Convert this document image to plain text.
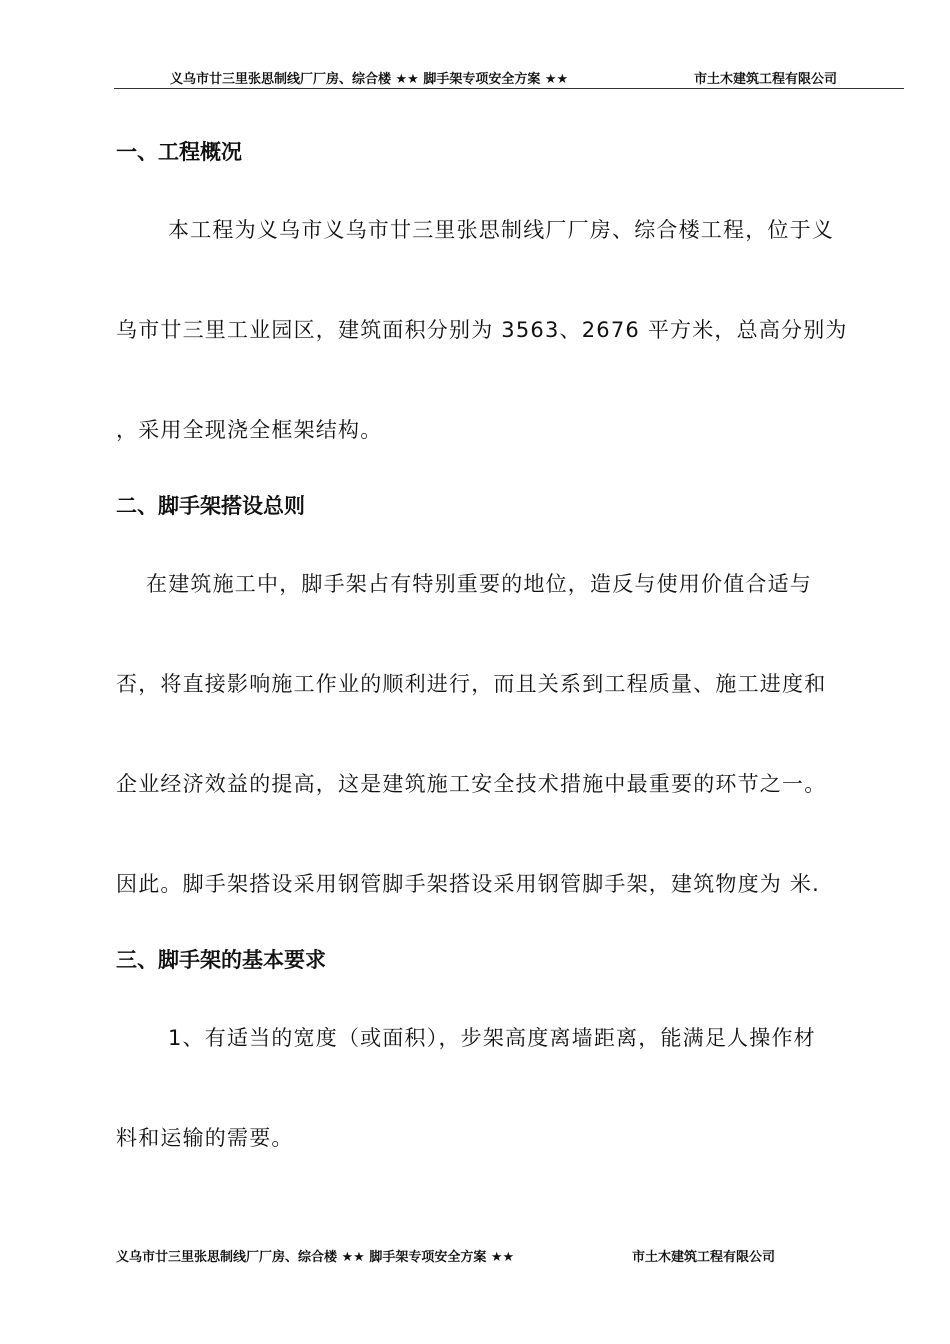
义乌市廿三里张思制线厂厂房、综合楼 ★★ 脚手架专项安全方案 ★★	市土木建筑工程有限公司
一、工程概况
本工程为义乌市义乌市廿三里张思制线厂厂房、综合楼工程，位于义
乌市廿三里工业园区，建筑面积分别为 3563、2676 平方米，总高分别为
，采用全现浇全框架结构。
二、脚手架搭设总则
在建筑施工中，脚手架占有特别重要的地位，造反与使用价值合适与
否，将直接影响施工作业的顺利进行，而且关系到工程质量、施工进度和
企业经济效益的提高，这是建筑施工安全技术措施中最重要的环节之一。
因此。脚手架搭设采用钢管脚手架搭设采用钢管脚手架，建筑物度为 米.
三、脚手架的基本要求
1、有适当的宽度（或面积），步架高度离墙距离，能满足人操作材
料和运输的需要。
义乌市廿三里张思制线厂厂房、综合楼 ★★ 脚手架专项安全方案 ★★	市土木建筑工程有限公司
